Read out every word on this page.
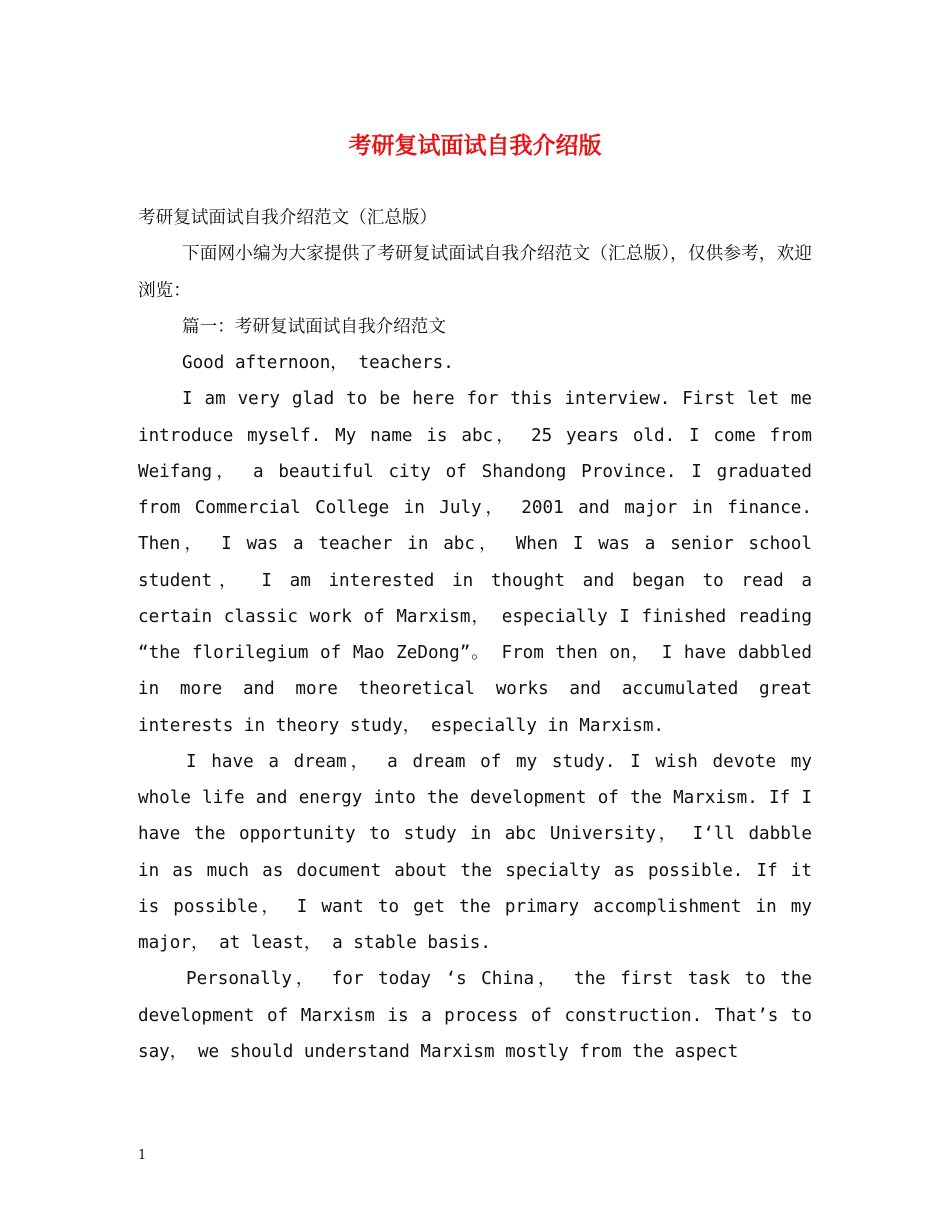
考研复试面试自我介绍版

考研复试面试自我介绍范文（汇总版）

下面网小编为大家提供了考研复试面试自我介绍范文（汇总版），仅供参考，欢迎浏览：

篇一：考研复试面试自我介绍范文

Good afternoon， teachers.

I am very glad to be here for this interview. First let me introduce myself. My name is abc， 25 years old. I come from Weifang， a beautiful city of Shandong Province. I graduated from Commercial College in July， 2001 and major in finance. Then， I was a teacher in abc， When I was a senior school student， I am interested in thought and began to read a certain classic work of Marxism， especially I finished reading “the florilegium of Mao ZeDong”。 From then on， I have dabbled in more and more theoretical works and accumulated great interests in theory study， especially in Marxism.

I have a dream， a dream of my study. I wish devote my whole life and energy into the development of the Marxism. If I have the opportunity to study in abc University， I‘ll dabble in as much as document about the specialty as possible. If it is possible， I want to get the primary accomplishment in my major， at least， a stable basis.

Personally， for today ‘s China， the first task to the development of Marxism is a process of construction. That’s to say， we should understand Marxism mostly from the aspect

1
